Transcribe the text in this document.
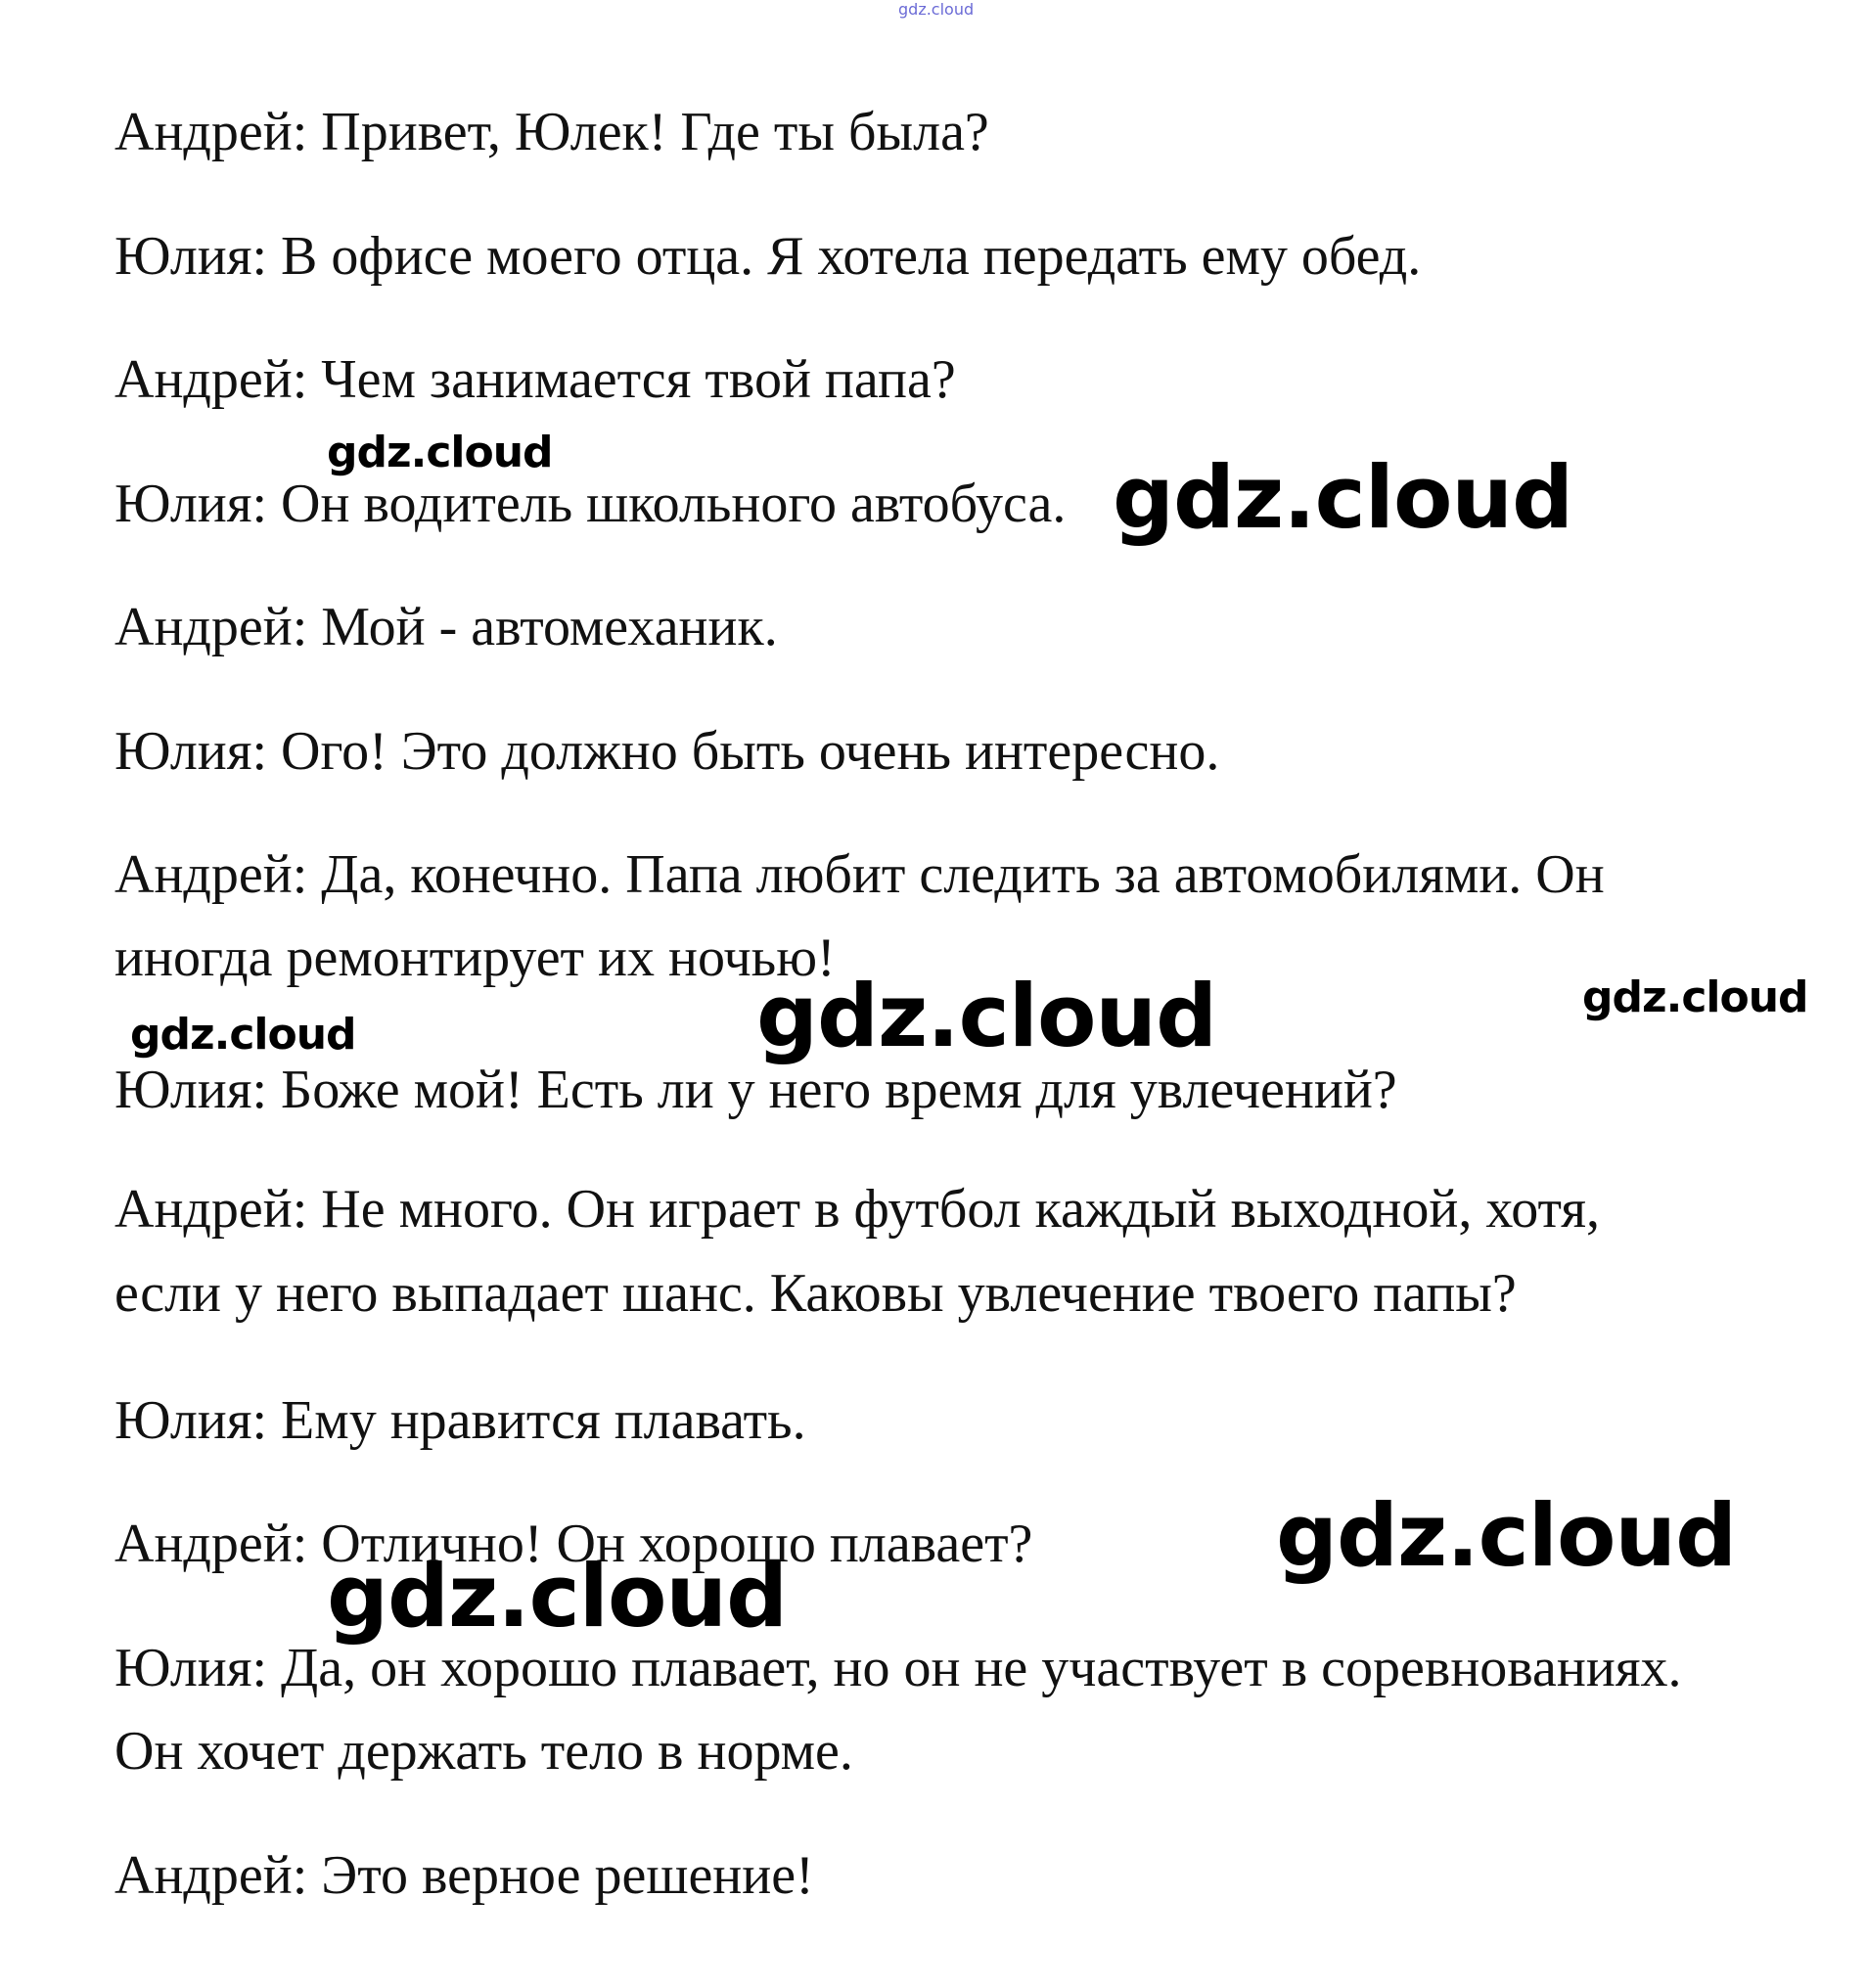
gdz.cloud

Андрей: Привет, Юлек! Где ты была?

Юлия: В офисе моего отца. Я хотела передать ему обед.

Андрей: Чем занимается твой папа?

Юлия: Он водитель школьного автобуса.

Андрей: Мой - автомеханик.

Юлия: Ого! Это должно быть очень интересно.

Андрей: Да, конечно. Папа любит следить за автомобилями. Он

иногда ремонтирует их ночью!

Юлия: Боже мой! Есть ли у него время для увлечений?

Андрей: Не много. Он играет в футбол каждый выходной, хотя,

если у него выпадает шанс. Каковы увлечение твоего папы?

Юлия: Ему нравится плавать.

Андрей: Отлично! Он хорошо плавает?

Юлия: Да, он хорошо плавает, но он не участвует в соревнованиях.

Он хочет держать тело в норме.

Андрей: Это верное решение!

gdz.cloud	gdz.cloud
gdz.cloud
gdz.cloud
gdz.cloud
gdz.cloud
gdz.cloud
